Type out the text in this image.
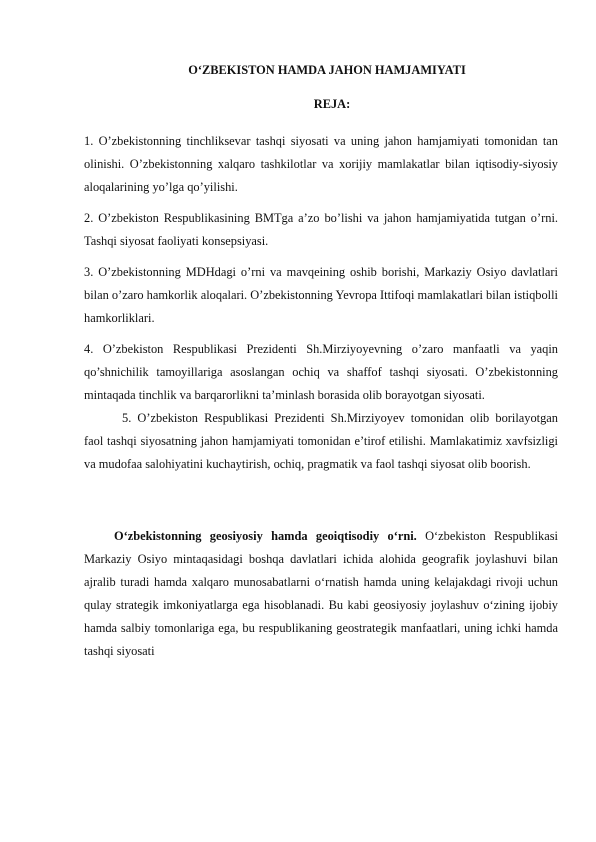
O‘ZBEKISTON HAMDA JAHON HAMJAMIYATI

REJA:

1. O’zbekistonning tinchliksevar tashqi siyosati va uning jahon hamjamiyati tomonidan tan olinishi. O’zbekistonning xalqaro tashkilotlar va xorijiy mamlakatlar bilan iqtisodiy-siyosiy aloqalarining yo’lga qo’yilishi.

2. O’zbekiston Respublikasining BMTga a’zo bo’lishi va jahon hamjamiyatida tutgan o’rni. Tashqi siyosat faoliyati konsepsiyasi.

3. O’zbekistonning MDHdagi o’rni va mavqeining oshib borishi, Markaziy Osiyo davlatlari bilan o’zaro hamkorlik aloqalari. O’zbekistonning Yevropa Ittifoqi mamlakatlari bilan istiqbolli hamkorliklari.

4. O’zbekiston Respublikasi Prezidenti Sh.Mirziyoyevning o’zaro manfaatli va yaqin qo’shnichilik tamoyillariga asoslangan ochiq va shaffof tashqi siyosati. O’zbekistonning mintaqada tinchlik va barqarorlikni ta’minlash borasida olib borayotgan siyosati.

5. O’zbekiston Respublikasi Prezidenti Sh.Mirziyoyev tomonidan olib borilayotgan faol tashqi siyosatning jahon hamjamiyati tomonidan e’tirof etilishi. Mamlakatimiz xavfsizligi va mudofaa salohiyatini kuchaytirish, ochiq, pragmatik va faol tashqi siyosat olib boorish.

O‘zbekistonning geosiyosiy hamda geoiqtisodiy o‘rni. O‘zbekiston Respublikasi Markaziy Osiyo mintaqasidagi boshqa davlatlari ichida alohida geografik joylashuvi bilan ajralib turadi hamda xalqaro munosabatlarni o‘rnatish hamda uning kelajakdagi rivoji uchun qulay strategik imkoniyatlarga ega hisoblanadi. Bu kabi geosiyosiy joylashuv o‘zining ijobiy hamda salbiy tomonlariga ega, bu respublikaning geostrategik manfaatlari, uning ichki hamda tashqi siyosati
